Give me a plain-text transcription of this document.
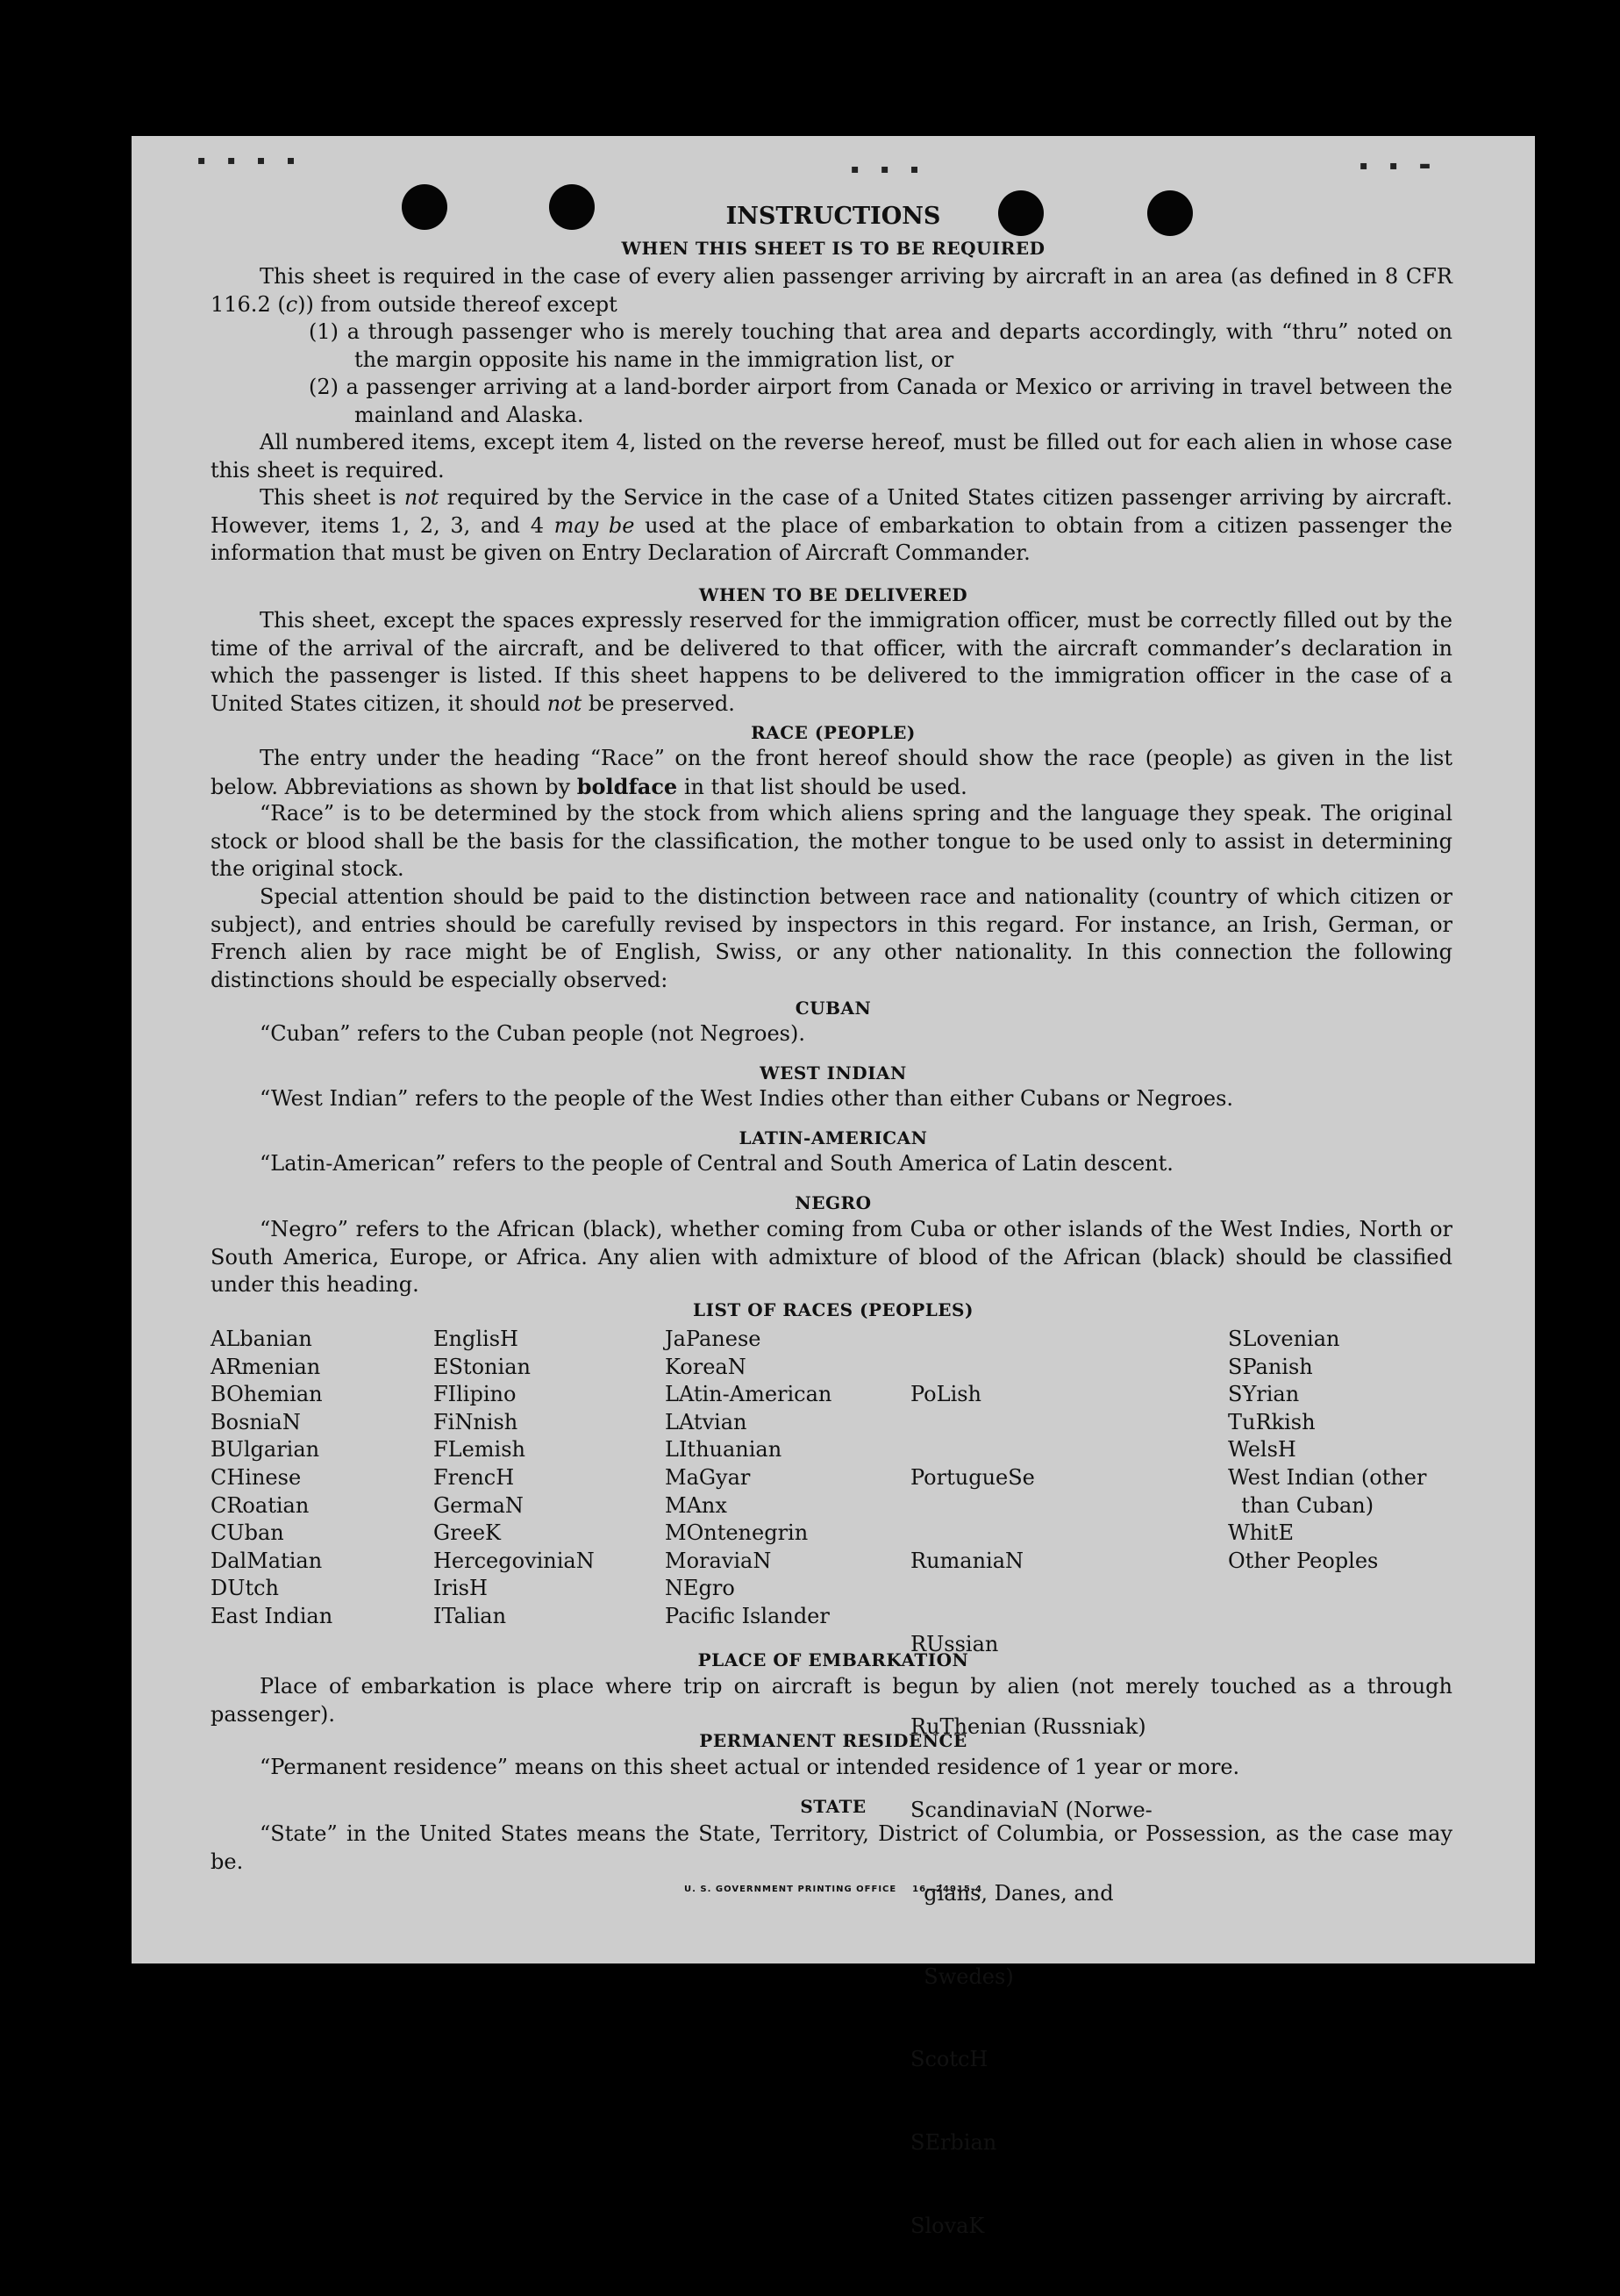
▪ ▪ ▪ ▪
▪ ▪ ▪	▪ ▪ ▬
INSTRUCTIONS
WHEN THIS SHEET IS TO BE REQUIRED
This sheet is required in the case of every alien passenger arriving by aircraft in an area (as defined in 8 CFR 116.2 (c)) from outside thereof except
(1) a through passenger who is merely touching that area and departs accordingly, with “thru” noted on the margin opposite his name in the immigration list, or
(2) a passenger arriving at a land-border airport from Canada or Mexico or arriving in travel between the mainland and Alaska.
All numbered items, except item 4, listed on the reverse hereof, must be filled out for each alien in whose case this sheet is required.
This sheet is not required by the Service in the case of a United States citizen passenger arriving by aircraft. However, items 1, 2, 3, and 4 may be used at the place of embarkation to obtain from a citizen passenger the information that must be given on Entry Declaration of Aircraft Commander.
WHEN TO BE DELIVERED
This sheet, except the spaces expressly reserved for the immigration officer, must be correctly filled out by the time of the arrival of the aircraft, and be delivered to that officer, with the aircraft commander’s declaration in which the passenger is listed. If this sheet happens to be delivered to the immigration officer in the case of a United States citizen, it should not be preserved.
RACE (PEOPLE)
The entry under the heading “Race” on the front hereof should show the race (people) as given in the list below. Abbreviations as shown by boldface in that list should be used.
“Race” is to be determined by the stock from which aliens spring and the language they speak. The original stock or blood shall be the basis for the classification, the mother tongue to be used only to assist in determining the original stock.
Special attention should be paid to the distinction between race and nationality (country of which citizen or subject), and entries should be carefully revised by inspectors in this regard. For instance, an Irish, German, or French alien by race might be of English, Swiss, or any other nationality. In this connection the following distinctions should be especially observed:
CUBAN
“Cuban” refers to the Cuban people (not Negroes).
WEST INDIAN
“West Indian” refers to the people of the West Indies other than either Cubans or Negroes.
LATIN-AMERICAN
“Latin-American” refers to the people of Central and South America of Latin descent.
NEGRO
“Negro” refers to the African (black), whether coming from Cuba or other islands of the West Indies, North or South America, Europe, or Africa. Any alien with admixture of blood of the African (black) should be classified under this heading.
LIST OF RACES (PEOPLES)
ALbanian
ARmenian
BOhemian
BosniaN
BUlgarian
CHinese
CRoatian
CUban
DalMatian
DUtch
East Indian
EnglisH
EStonian
FIlipino
FiNnish
FLemish
FrencH
GermaN
GreeK
HercegoviniaN
IrisH
ITalian
JaPanese
KoreaN
LAtin-American
LAtvian
LIthuanian
MaGyar
MAnx
MOntenegrin
MoraviaN
NEgro
Pacific Islander

PoLish

PortugueSe

RumaniaN

RUssian

RuThenian (Russniak)

ScandinaviaN (Norwe-

gians, Danes, and

Swedes)

ScotcH

SErbian

SlovaK

SLovenian
SPanish
SYrian
TuRkish
WelsH
West Indian (other
than Cuban)
WhitE
Other Peoples
PLACE OF EMBARKATION
Place of embarkation is place where trip on aircraft is begun by alien (not merely touched as a through passenger).
PERMANENT RESIDENCE
“Permanent residence” means on this sheet actual or intended residence of 1 year or more.
STATE
“State” in the United States means the State, Territory, District of Columbia, or Possession, as the case may be.
U. S. GOVERNMENT PRINTING OFFICE    16—24915-4
